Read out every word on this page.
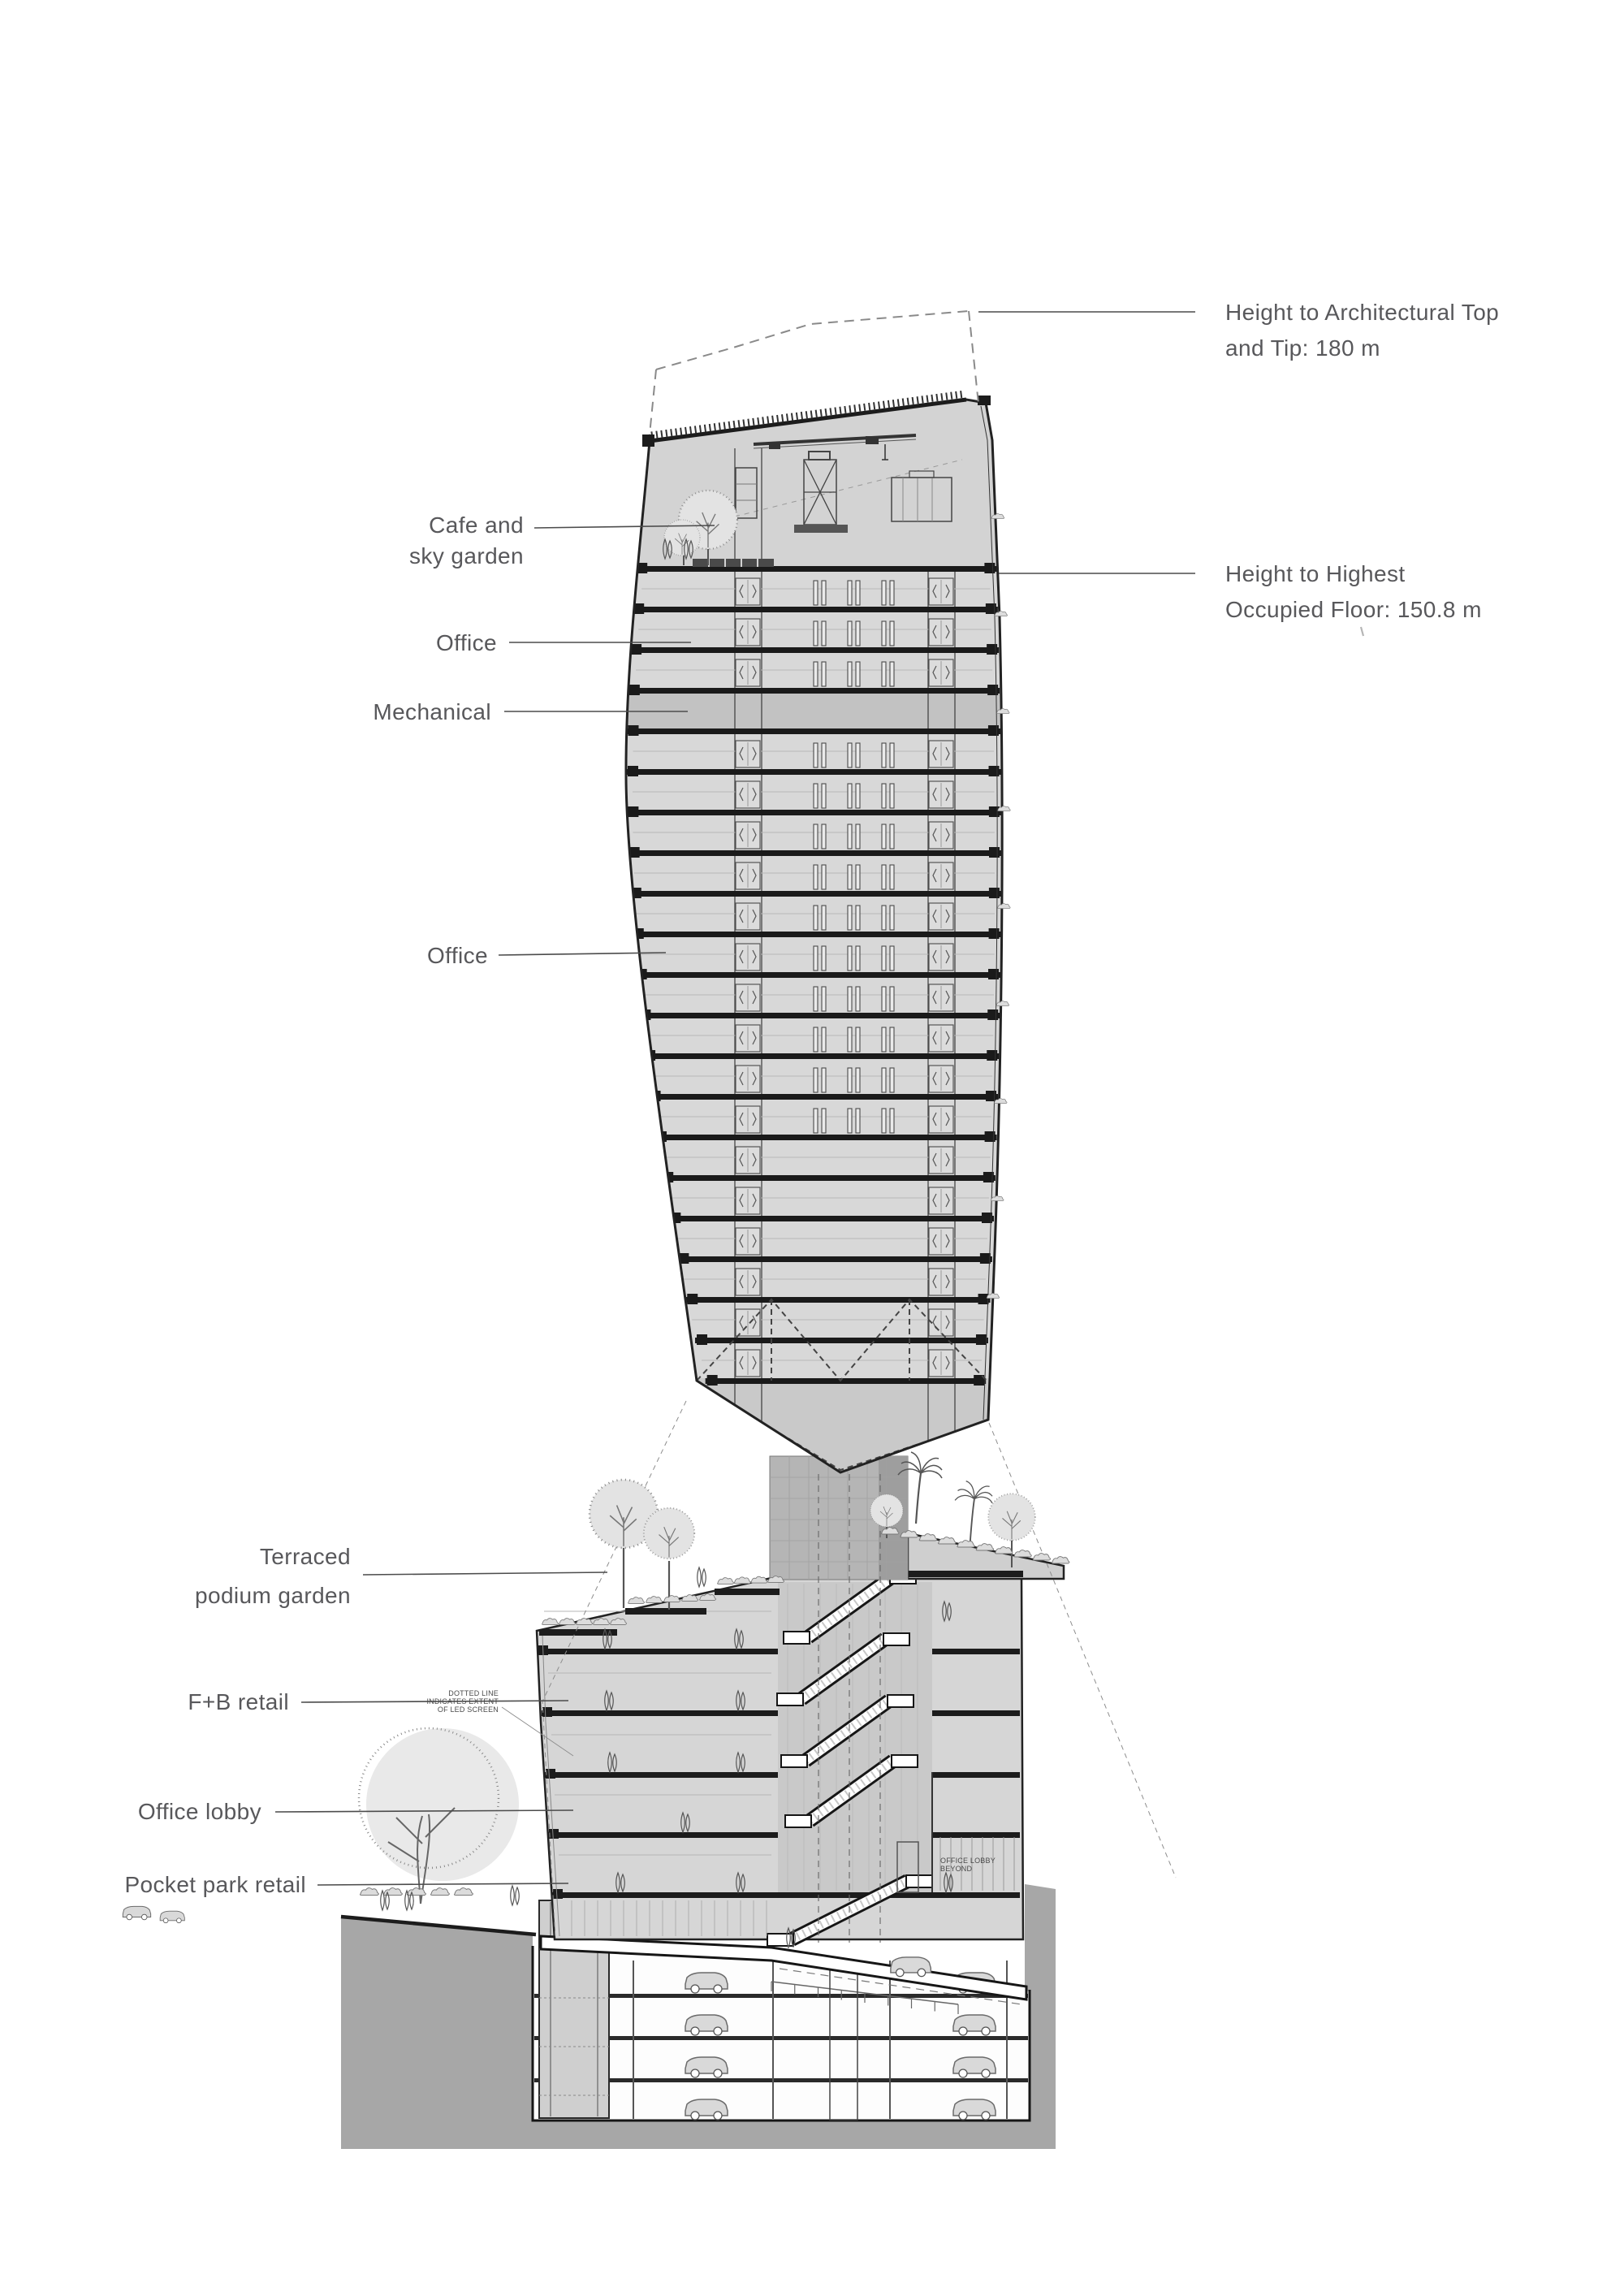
Cafe and
sky garden
Office
Mechanical
Office
Terraced
podium garden
F+B retail
Office lobby
Pocket park retail
Height to Architectural Top
and Tip: 180 m
Height to Highest
Occupied Floor: 150.8 m
DOTTED LINE
INDICATES EXTENT
OF LED SCREEN
OFFICE LOBBY
BEYOND
